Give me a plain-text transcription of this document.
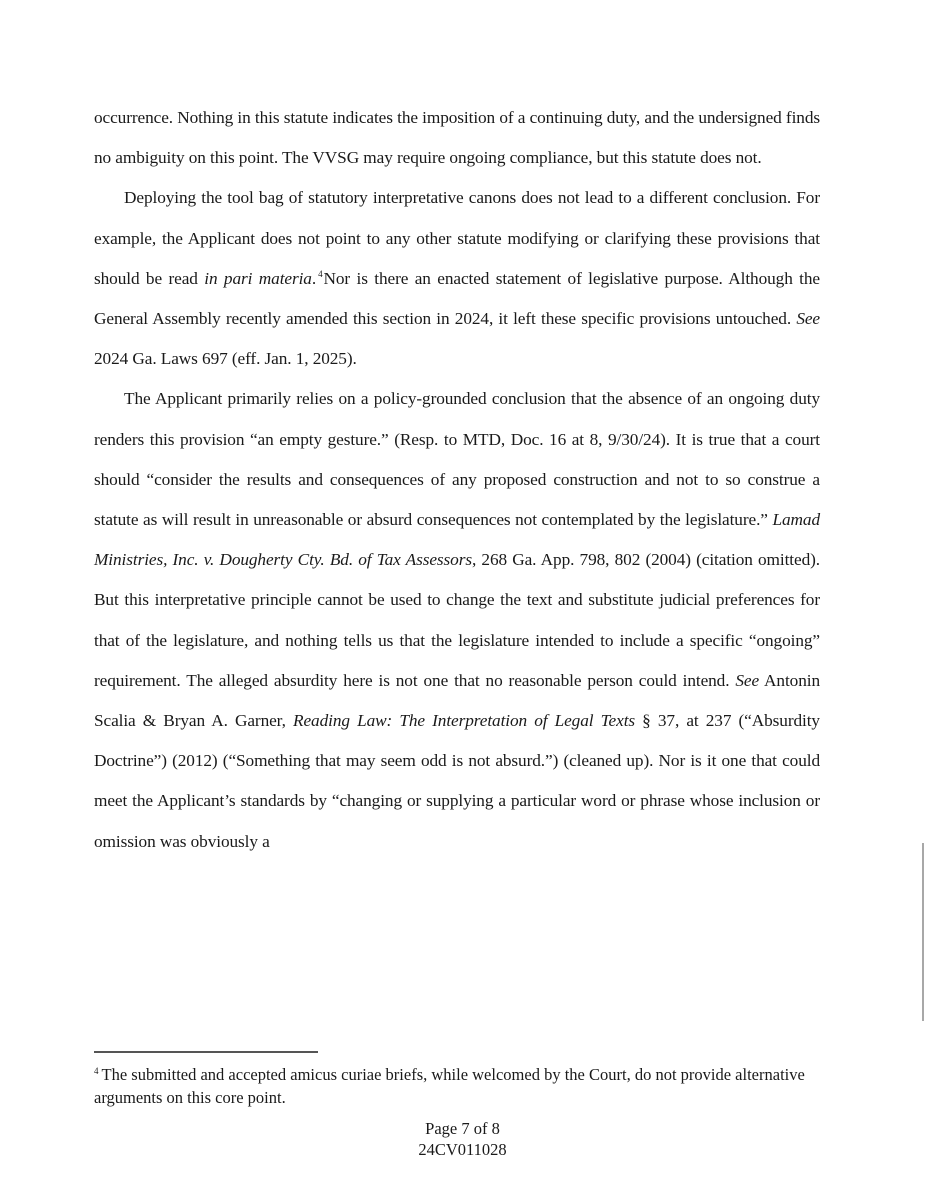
occurrence. Nothing in this statute indicates the imposition of a continuing duty, and the undersigned finds no ambiguity on this point. The VVSG may require ongoing compliance, but this statute does not.

Deploying the tool bag of statutory interpretative canons does not lead to a different conclusion. For example, the Applicant does not point to any other statute modifying or clarifying these provisions that should be read in pari materia. $^4$Nor is there an enacted statement of legislative purpose. Although the General Assembly recently amended this section in 2024, it left these specific provisions untouched. See 2024 Ga. Laws 697 (eff. Jan. 1, 2025).

The Applicant primarily relies on a policy-grounded conclusion that the absence of an ongoing duty renders this provision “an empty gesture.” (Resp. to MTD, Doc. 16 at 8, 9/30/24). It is true that a court should “consider the results and consequences of any proposed construction and not to so construe a statute as will result in unreasonable or absurd consequences not contemplated by the legislature.” Lamad Ministries, Inc. v. Dougherty Cty. Bd. of Tax Assessors, 268 Ga. App. 798, 802 (2004) (citation omitted). But this interpretative principle cannot be used to change the text and substitute judicial preferences for that of the legislature, and nothing tells us that the legislature intended to include a specific “ongoing” requirement. The alleged absurdity here is not one that no reasonable person could intend. See Antonin Scalia & Bryan A. Garner, Reading Law: The Interpretation of Legal Texts § 37, at 237 (“Absurdity Doctrine”) (2012) (“Something that may seem odd is not absurd.”) (cleaned up). Nor is it one that could meet the Applicant’s standards by “changing or supplying a particular word or phrase whose inclusion or omission was obviously a

$^4$ The submitted and accepted amicus curiae briefs, while welcomed by the Court, do not provide alternative arguments on this core point.

Page 7 of 8
24CV011028
